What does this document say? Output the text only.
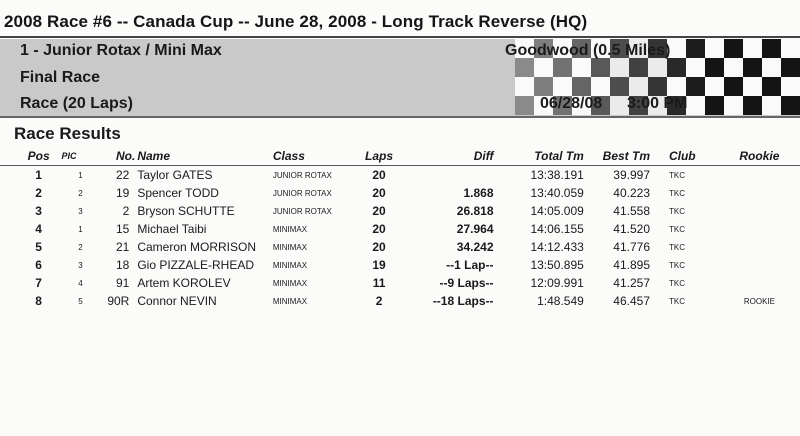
2008 Race #6 -- Canada Cup -- June 28, 2008 - Long Track Reverse (HQ)
1 - Junior Rotax / Mini Max
Final Race
Race (20 Laps)
Goodwood (0.5 Miles)
06/28/08 3:00 PM
Race Results
	Pos	PIC	No.	Name	Class	Laps	Diff	Total Tm	Best Tm		Club	Rookie

	1	1	22	Taylor GATES	JUNIOR ROTAX	20		13:38.191	39.997		TKC	
	2	2	19	Spencer TODD	JUNIOR ROTAX	20	1.868	13:40.059	40.223		TKC	
	3	3	2	Bryson SCHUTTE	JUNIOR ROTAX	20	26.818	14:05.009	41.558		TKC	
	4	1	15	Michael Taibi	MINIMAX	20	27.964	14:06.155	41.520		TKC	
	5	2	21	Cameron MORRISON	MINIMAX	20	34.242	14:12.433	41.776		TKC	
	6	3	18	Gio PIZZALE-RHEAD	MINIMAX	19	--1 Lap--	13:50.895	41.895		TKC	
	7	4	91	Artem KOROLEV	MINIMAX	11	--9 Laps--	12:09.991	41.257		TKC	
	8	5	90R	Connor NEVIN	MINIMAX	2	--18 Laps--	1:48.549	46.457		TKC	ROOKIE
